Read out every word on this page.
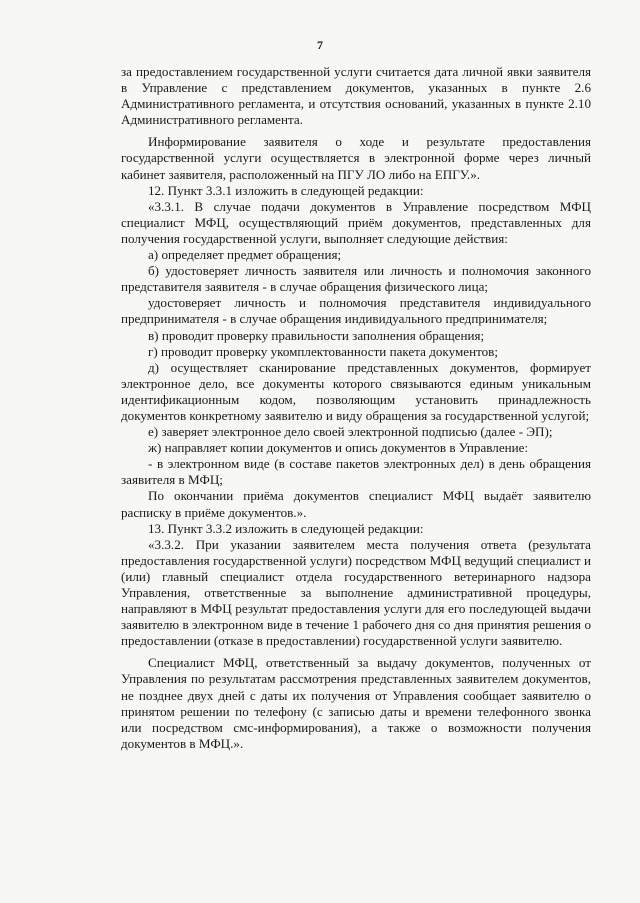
7

за предоставлением государственной услуги считается дата личной явки заявителя в Управление с представлением документов, указанных в пункте 2.6 Административного регламента, и отсутствия оснований, указанных в пункте 2.10 Административного регламента.

Информирование заявителя о ходе и результате предоставления государственной услуги осуществляется в электронной форме через личный кабинет заявителя, расположенный на ПГУ ЛО либо на ЕПГУ.».

12. Пункт 3.3.1 изложить в следующей редакции:

«3.3.1. В случае подачи документов в Управление посредством МФЦ специалист МФЦ, осуществляющий приём документов, представленных для получения государственной услуги, выполняет следующие действия:

а) определяет предмет обращения;

б) удостоверяет личность заявителя или личность и полномочия законного представителя заявителя - в случае обращения физического лица;

удостоверяет личность и полномочия представителя индивидуального предпринимателя - в случае обращения индивидуального предпринимателя;

в) проводит проверку правильности заполнения обращения;

г) проводит проверку укомплектованности пакета документов;

д) осуществляет сканирование представленных документов, формирует электронное дело, все документы которого связываются единым уникальным идентификационным кодом, позволяющим установить принадлежность документов конкретному заявителю и виду обращения за государственной услугой;

е) заверяет электронное дело своей электронной подписью (далее - ЭП);

ж) направляет копии документов и опись документов в Управление:

- в электронном виде (в составе пакетов электронных дел) в день обращения заявителя в МФЦ;

По окончании приёма документов специалист МФЦ выдаёт заявителю расписку в приёме документов.».

13. Пункт 3.3.2 изложить в следующей редакции:

«3.3.2. При указании заявителем места получения ответа (результата предоставления государственной услуги) посредством МФЦ ведущий специалист и (или) главный специалист отдела государственного ветеринарного надзора Управления, ответственные за выполнение административной процедуры, направляют в МФЦ результат предоставления услуги для его последующей выдачи заявителю в электронном виде в течение 1 рабочего дня со дня принятия решения о предоставлении (отказе в предоставлении) государственной услуги заявителю.

Специалист МФЦ, ответственный за выдачу документов, полученных от Управления по результатам рассмотрения представленных заявителем документов, не позднее двух дней с даты их получения от Управления сообщает заявителю о принятом решении по телефону (с записью даты и времени телефонного звонка или посредством смс-информирования), а также о возможности получения документов в МФЦ.».
